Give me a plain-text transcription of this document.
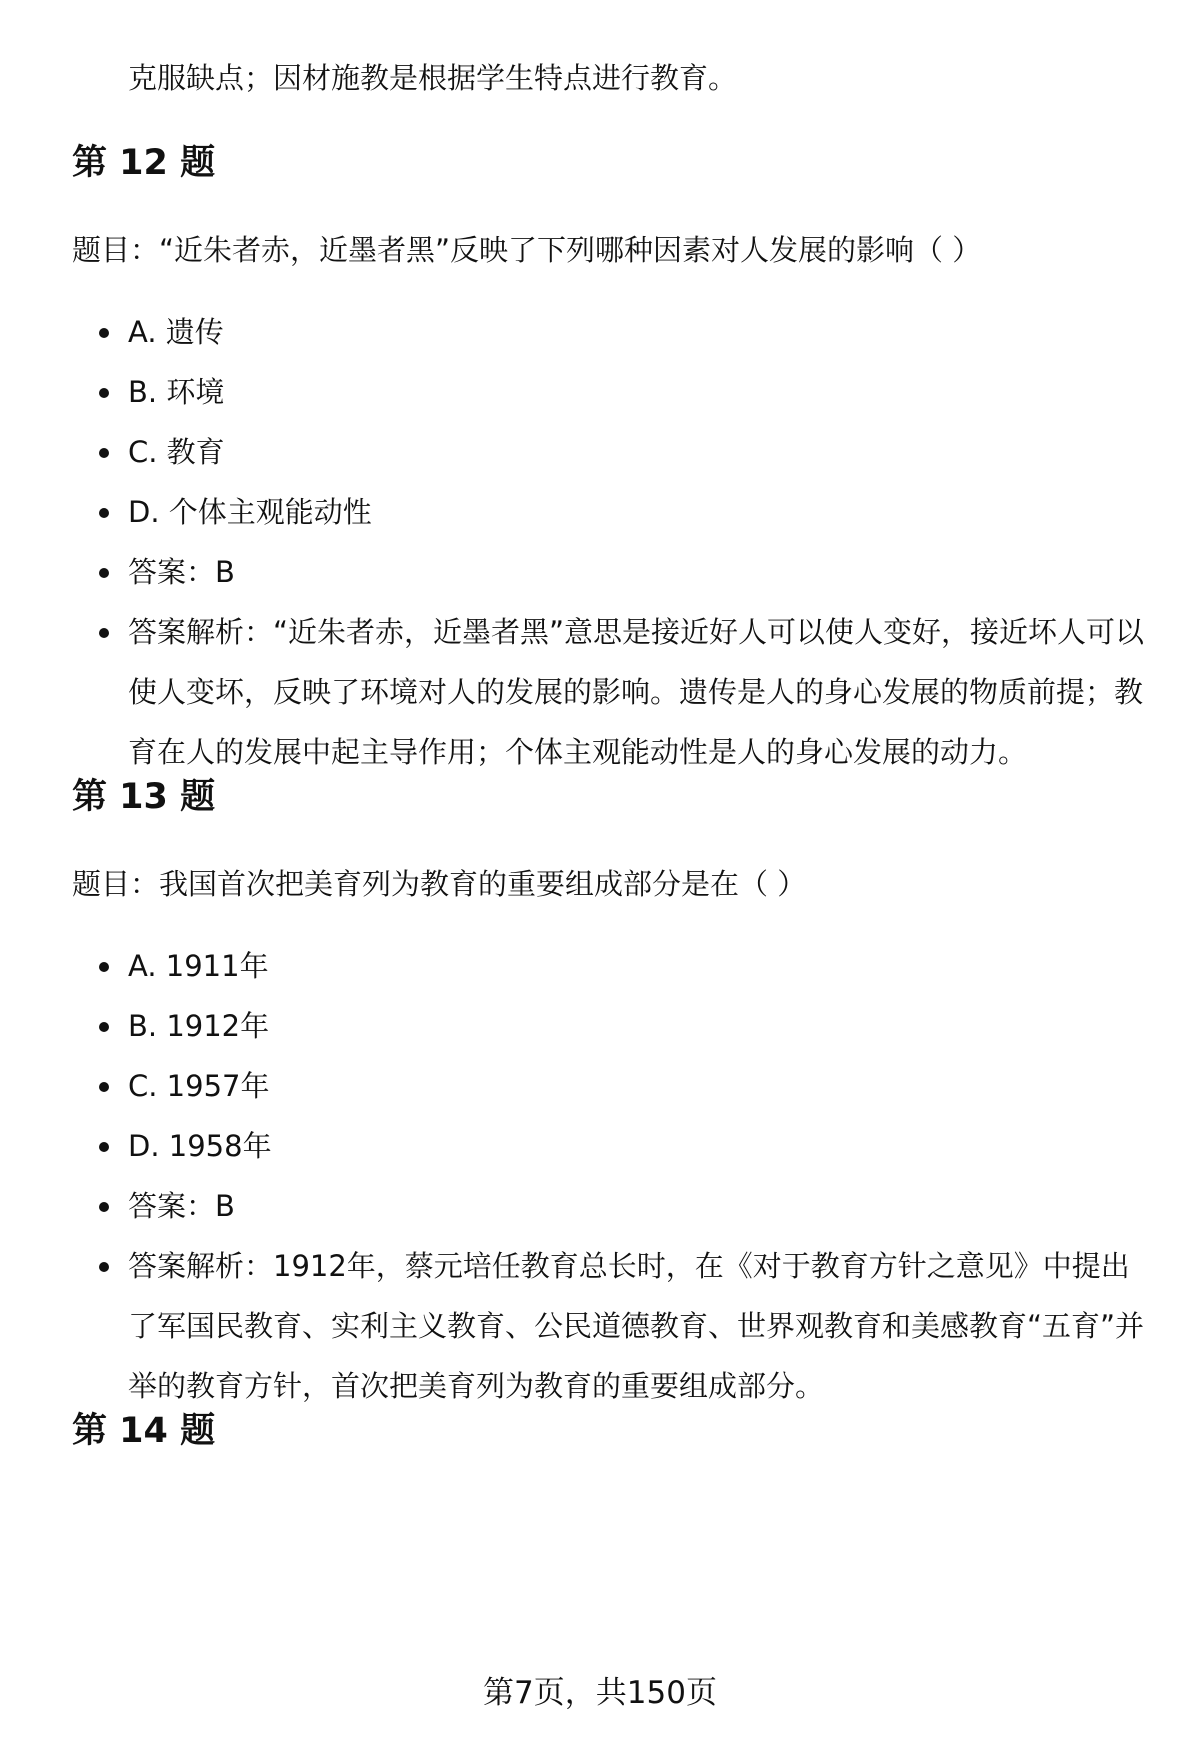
克服缺点；因材施教是根据学生特点进行教育。
第 12 题
题目：“近朱者赤，近墨者黑”反映了下列哪种因素对人发展的影响（ ）
A. 遗传
B. 环境
C. 教育
D. 个体主观能动性
答案：B
答案解析：“近朱者赤，近墨者黑”意思是接近好人可以使人变好，接近坏人可以使人变坏，反映了环境对人的发展的影响。遗传是人的身心发展的物质前提；教育在人的发展中起主导作用；个体主观能动性是人的身心发展的动力。
第 13 题
题目：我国首次把美育列为教育的重要组成部分是在（ ）
A. 1911年
B. 1912年
C. 1957年
D. 1958年
答案：B
答案解析：1912年，蔡元培任教育总长时，在《对于教育方针之意见》中提出了军国民教育、实利主义教育、公民道德教育、世界观教育和美感教育“五育”并举的教育方针，首次把美育列为教育的重要组成部分。
第 14 题
第7页，共150页
